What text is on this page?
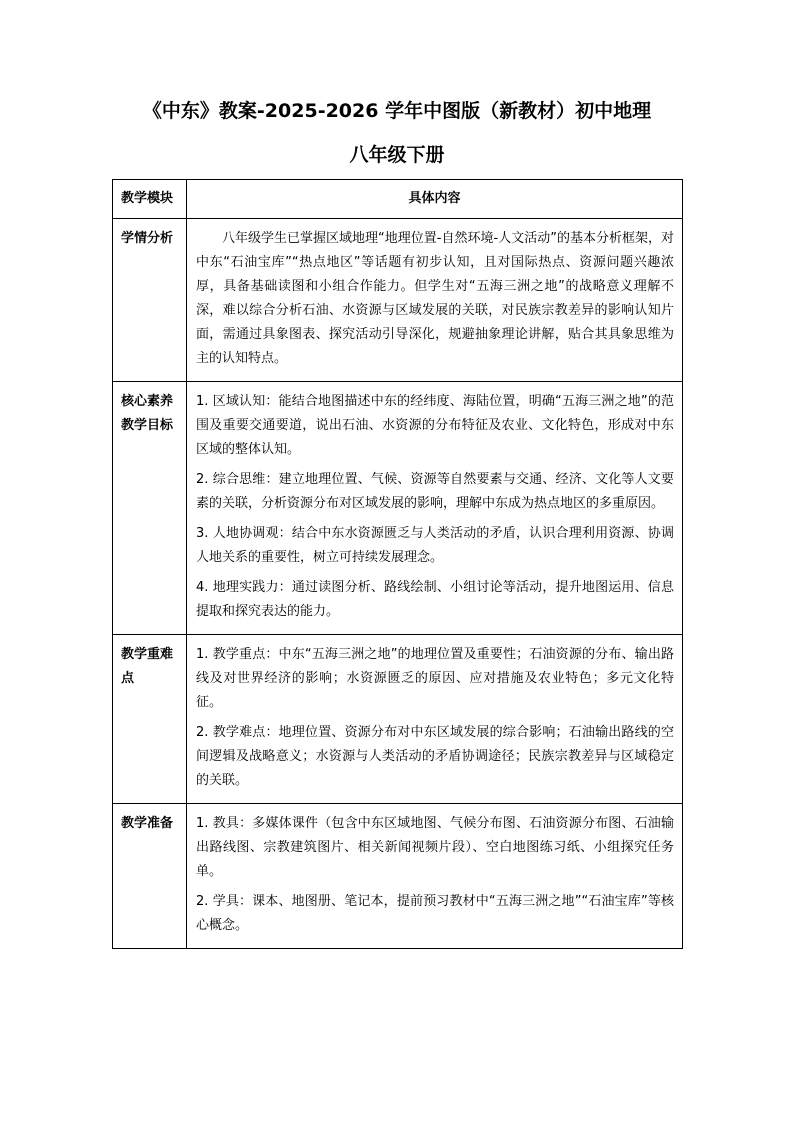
《中东》教案-2025-2026 学年中图版（新教材）初中地理
八年级下册
教学模块	具体内容

学情分析	八年级学生已掌握区域地理“地理位置-自然环境-人文活动”的基本分析框架，对中东“石油宝库”“热点地区”等话题有初步认知，且对国际热点、资源问题兴趣浓厚，具备基础读图和小组合作能力。但学生对“五海三洲之地”的战略意义理解不深，难以综合分析石油、水资源与区域发展的关联，对民族宗教差异的影响认知片面，需通过具象图表、探究活动引导深化，规避抽象理论讲解，贴合其具象思维为主的认知特点。

核心素养教学目标	1. 区域认知：能结合地图描述中东的经纬度、海陆位置，明确“五海三洲之地”的范围及重要交通要道，说出石油、水资源的分布特征及农业、文化特色，形成对中东区域的整体认知。

2. 综合思维：建立地理位置、气候、资源等自然要素与交通、经济、文化等人文要素的关联，分析资源分布对区域发展的影响，理解中东成为热点地区的多重原因。

3. 人地协调观：结合中东水资源匮乏与人类活动的矛盾，认识合理利用资源、协调人地关系的重要性，树立可持续发展理念。

4. 地理实践力：通过读图分析、路线绘制、小组讨论等活动，提升地图运用、信息提取和探究表达的能力。

教学重难点	1. 教学重点：中东“五海三洲之地”的地理位置及重要性；石油资源的分布、输出路线及对世界经济的影响；水资源匮乏的原因、应对措施及农业特色；多元文化特征。

2. 教学难点：地理位置、资源分布对中东区域发展的综合影响；石油输出路线的空间逻辑及战略意义；水资源与人类活动的矛盾协调途径；民族宗教差异与区域稳定的关联。

教学准备	1. 教具：多媒体课件（包含中东区域地图、气候分布图、石油资源分布图、石油输出路线图、宗教建筑图片、相关新闻视频片段）、空白地图练习纸、小组探究任务单。

2. 学具：课本、地图册、笔记本，提前预习教材中“五海三洲之地”“石油宝库”等核心概念。
